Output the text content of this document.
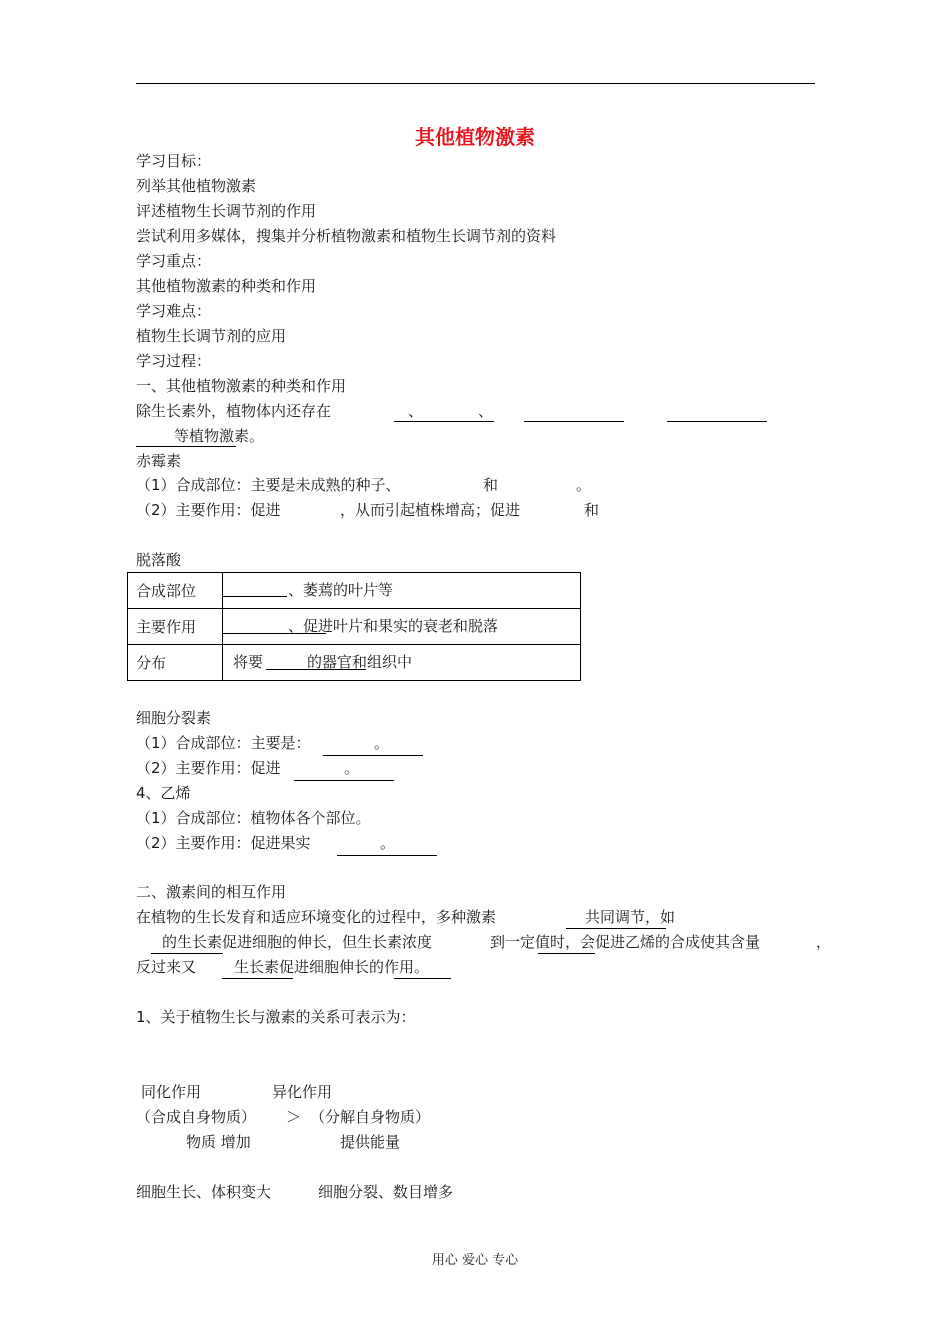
其他植物激素
学习目标：
列举其他植物激素
评述植物生长调节剂的作用
尝试利用多媒体，搜集并分析植物激素和植物生长调节剂的资料
学习重点：
其他植物激素的种类和作用
学习难点：
植物生长调节剂的应用
学习过程：
一、其他植物激素的种类和作用
除生长素外，植物体内还存在	、	、
等植物激素。
赤霉素
（1）合成部位：主要是未成熟的种子、	和	。
（2）主要作用：促进	，从而引起植株增高；促进	和
脱落酸
合成部位	、萎蔫的叶片等

主要作用	、促进叶片和果实的衰老和脱落

分布	将要 的器官和组织中
细胞分裂素
（1）合成部位：主要是：	。
（2）主要作用：促进	。
4、乙烯
（1）合成部位：植物体各个部位。
（2）主要作用：促进果实	。
二、激素间的相互作用
在植物的生长发育和适应环境变化的过程中，多种激素	共同调节，如
的生长素促进细胞的伸长，但生长素浓度	到一定值时，会促进乙烯的合成使其含量	，
反过来又	生长素促进细胞伸长的作用。
1、关于植物生长与激素的关系可表示为：
同化作用	异化作用
（合成自身物质） ＞ （分解自身物质）
物质 增加	提供能量
细胞生长、体积变大	细胞分裂、数目增多
用心 爱心 专心
